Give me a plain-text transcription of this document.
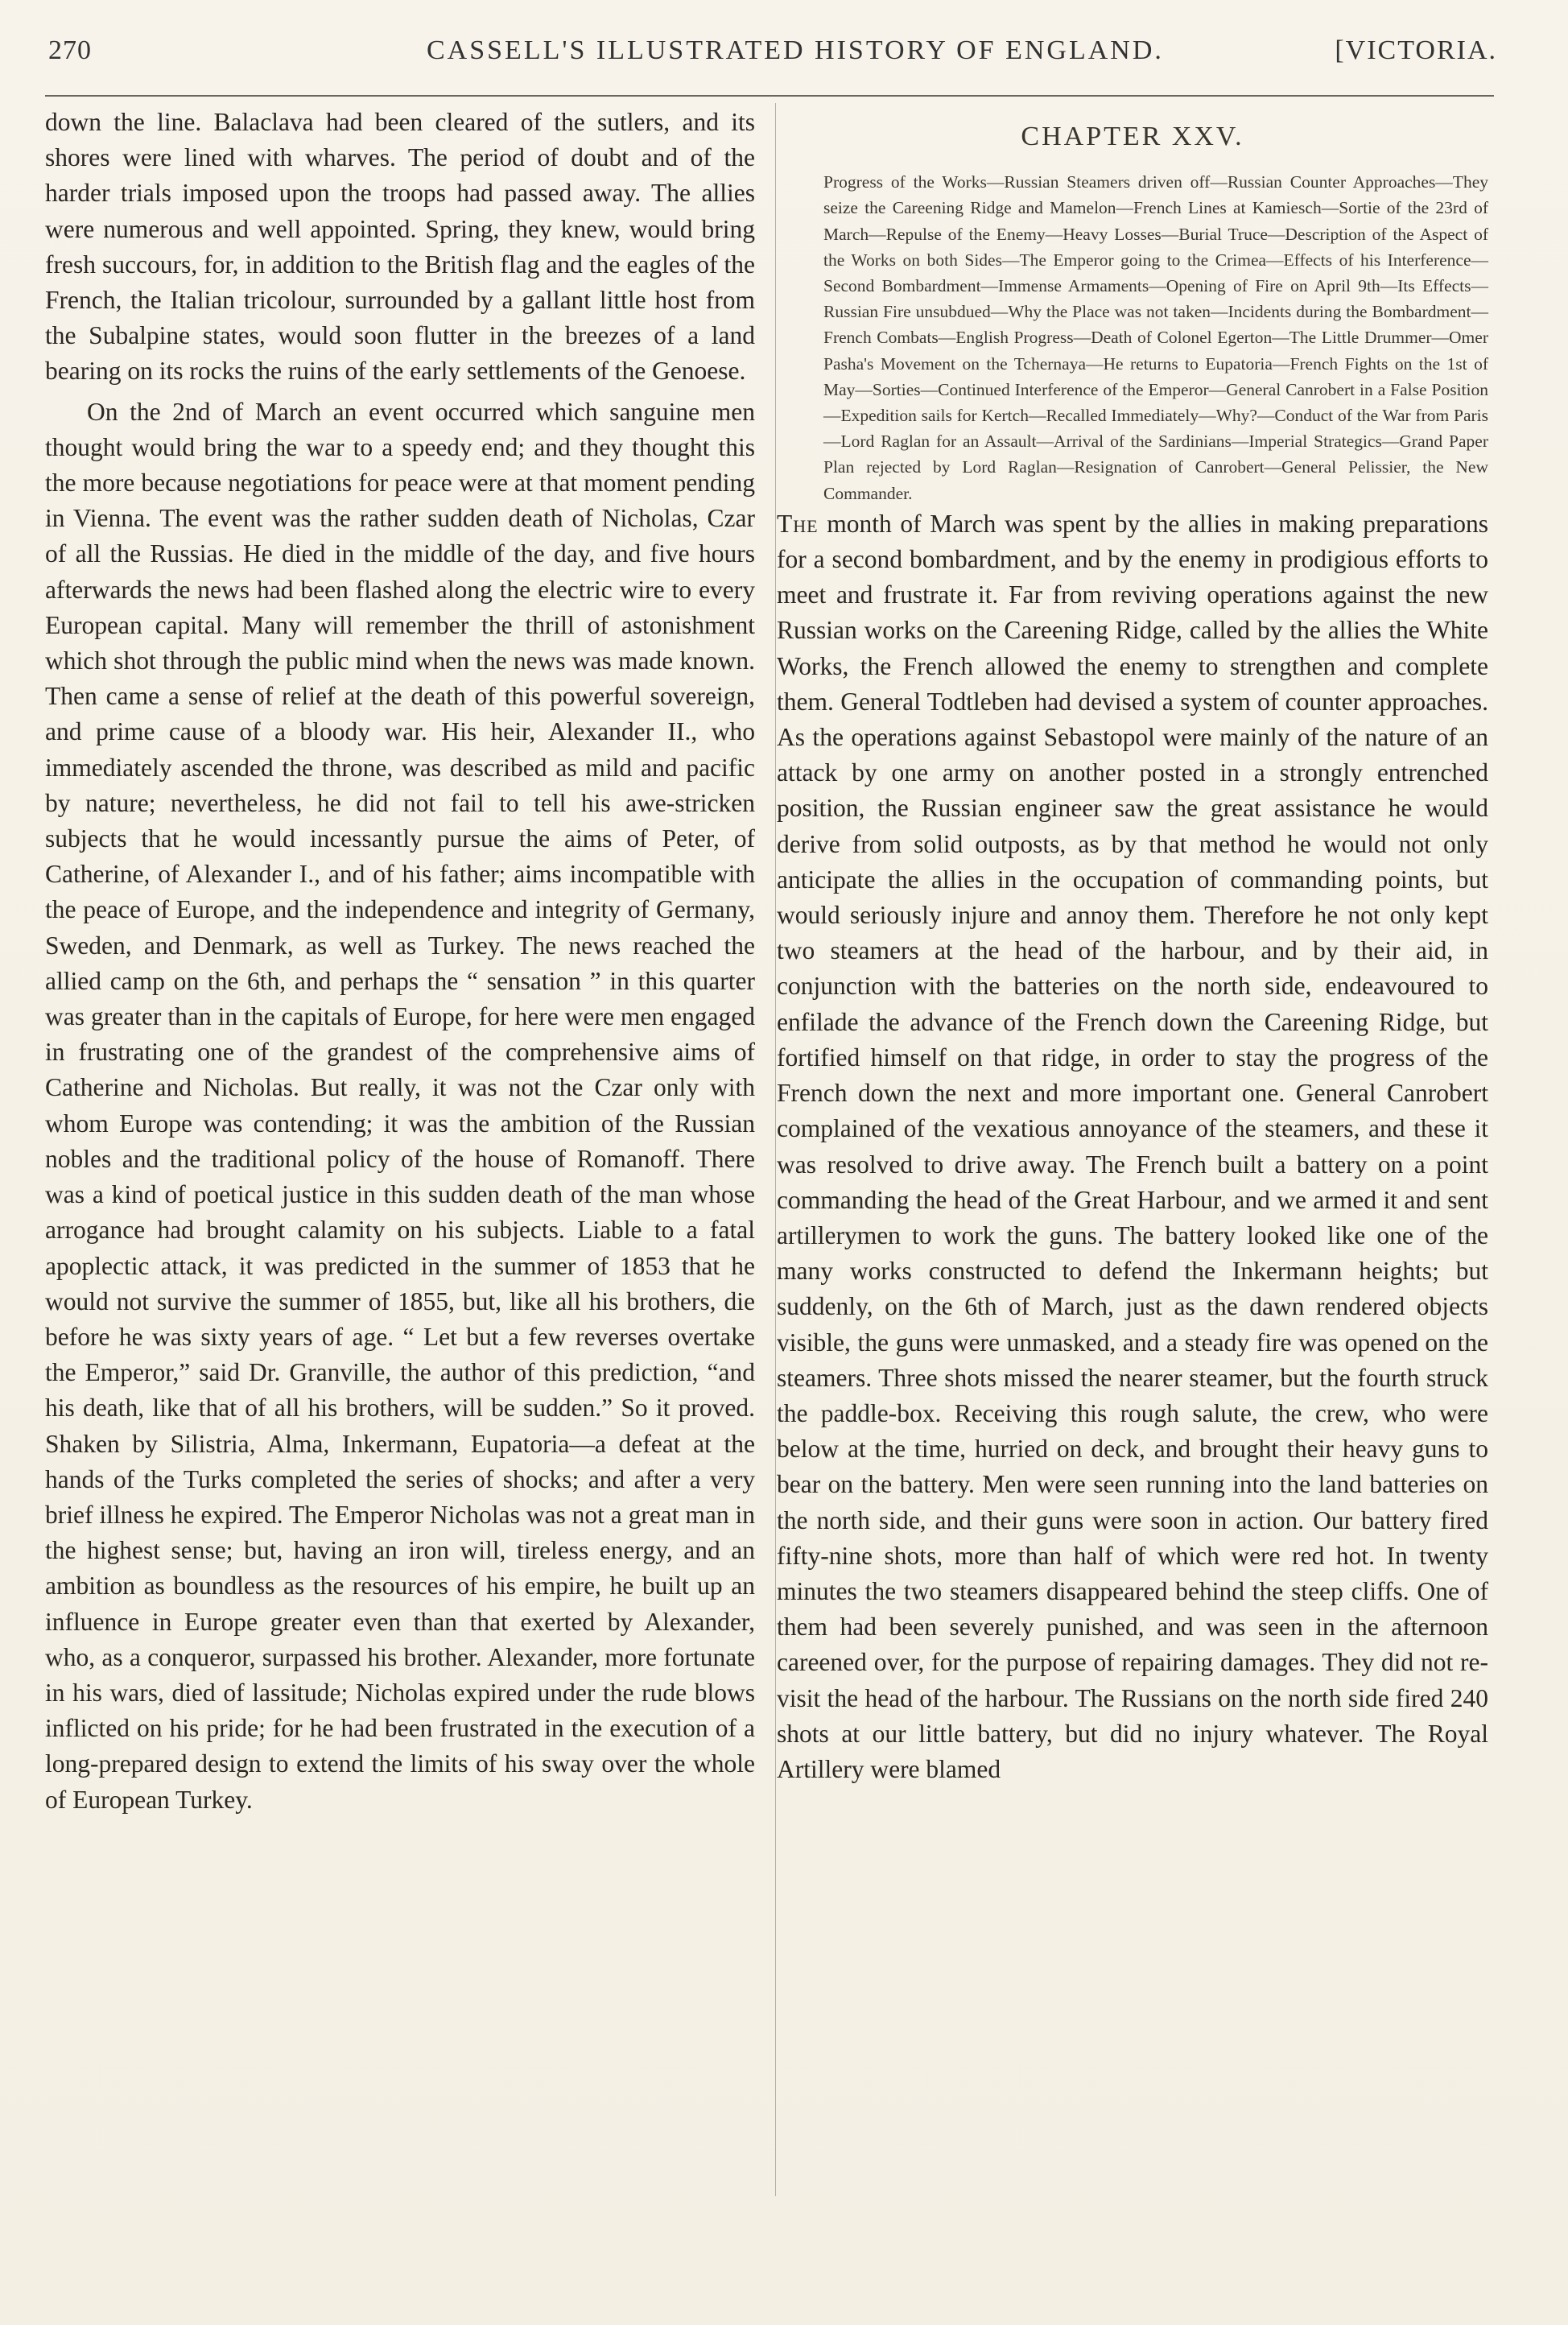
270	CASSELL'S ILLUSTRATED HISTORY OF ENGLAND.	[VICTORIA.

down the line. Balaclava had been cleared of the sutlers, and its shores were lined with wharves. The period of doubt and of the harder trials imposed upon the troops had passed away. The allies were numerous and well appointed. Spring, they knew, would bring fresh succours, for, in addition to the British flag and the eagles of the French, the Italian tricolour, surrounded by a gallant little host from the Subalpine states, would soon flutter in the breezes of a land bearing on its rocks the ruins of the early settlements of the Genoese.

On the 2nd of March an event occurred which sanguine men thought would bring the war to a speedy end; and they thought this the more because negotiations for peace were at that moment pending in Vienna. The event was the rather sudden death of Nicholas, Czar of all the Russias. He died in the middle of the day, and five hours afterwards the news had been flashed along the electric wire to every European capital. Many will remember the thrill of astonishment which shot through the public mind when the news was made known. Then came a sense of relief at the death of this powerful sovereign, and prime cause of a bloody war. His heir, Alexander II., who immediately ascended the throne, was described as mild and pacific by nature; nevertheless, he did not fail to tell his awe-stricken subjects that he would incessantly pursue the aims of Peter, of Catherine, of Alexander I., and of his father; aims incompatible with the peace of Europe, and the independence and integrity of Germany, Sweden, and Denmark, as well as Turkey. The news reached the allied camp on the 6th, and perhaps the “ sensation ” in this quarter was greater than in the capitals of Europe, for here were men engaged in frustrating one of the grandest of the comprehensive aims of Catherine and Nicholas. But really, it was not the Czar only with whom Europe was contending; it was the ambition of the Russian nobles and the traditional policy of the house of Romanoff. There was a kind of poetical justice in this sudden death of the man whose arrogance had brought calamity on his subjects. Liable to a fatal apoplectic attack, it was predicted in the summer of 1853 that he would not survive the summer of 1855, but, like all his brothers, die before he was sixty years of age. “ Let but a few reverses overtake the Emperor,” said Dr. Granville, the author of this prediction, “and his death, like that of all his brothers, will be sudden.” So it proved. Shaken by Silistria, Alma, Inkermann, Eupatoria—a defeat at the hands of the Turks completed the series of shocks; and after a very brief illness he expired. The Emperor Nicholas was not a great man in the highest sense; but, having an iron will, tireless energy, and an ambition as boundless as the resources of his empire, he built up an influence in Europe greater even than that exerted by Alexander, who, as a conqueror, surpassed his brother. Alexander, more fortunate in his wars, died of lassitude; Nicholas expired under the rude blows inflicted on his pride; for he had been frustrated in the execution of a long-prepared design to extend the limits of his sway over the whole of European Turkey.

CHAPTER XXV.

Progress of the Works—Russian Steamers driven off—Russian Counter Approaches—They seize the Careening Ridge and Mamelon—French Lines at Kamiesch—Sortie of the 23rd of March—Repulse of the Enemy—Heavy Losses—Burial Truce—Description of the Aspect of the Works on both Sides—The Emperor going to the Crimea—Effects of his Interference—Second Bombardment—Immense Armaments—Opening of Fire on April 9th—Its Effects—Russian Fire unsubdued—Why the Place was not taken—Incidents during the Bombardment—French Combats—English Progress—Death of Colonel Egerton—The Little Drummer—Omer Pasha's Movement on the Tchernaya—He returns to Eupatoria—French Fights on the 1st of May—Sorties—Continued Interference of the Emperor—General Canrobert in a False Position—Expedition sails for Kertch—Recalled Immediately—Why?—Conduct of the War from Paris—Lord Raglan for an Assault—Arrival of the Sardinians—Imperial Strategics—Grand Paper Plan rejected by Lord Raglan—Resignation of Canrobert—General Pelissier, the New Commander.

The month of March was spent by the allies in making preparations for a second bombardment, and by the enemy in prodigious efforts to meet and frustrate it. Far from reviving operations against the new Russian works on the Careening Ridge, called by the allies the White Works, the French allowed the enemy to strengthen and complete them. General Todtleben had devised a system of counter approaches. As the operations against Sebastopol were mainly of the nature of an attack by one army on another posted in a strongly entrenched position, the Russian engineer saw the great assistance he would derive from solid outposts, as by that method he would not only anticipate the allies in the occupation of commanding points, but would seriously injure and annoy them. Therefore he not only kept two steamers at the head of the harbour, and by their aid, in conjunction with the batteries on the north side, endeavoured to enfilade the advance of the French down the Careening Ridge, but fortified himself on that ridge, in order to stay the progress of the French down the next and more important one. General Canrobert complained of the vexatious annoyance of the steamers, and these it was resolved to drive away. The French built a battery on a point commanding the head of the Great Harbour, and we armed it and sent artillerymen to work the guns. The battery looked like one of the many works constructed to defend the Inkermann heights; but suddenly, on the 6th of March, just as the dawn rendered objects visible, the guns were unmasked, and a steady fire was opened on the steamers. Three shots missed the nearer steamer, but the fourth struck the paddle-box. Receiving this rough salute, the crew, who were below at the time, hurried on deck, and brought their heavy guns to bear on the battery. Men were seen running into the land batteries on the north side, and their guns were soon in action. Our battery fired fifty-nine shots, more than half of which were red hot. In twenty minutes the two steamers disappeared behind the steep cliffs. One of them had been severely punished, and was seen in the afternoon careened over, for the purpose of repairing damages. They did not re-visit the head of the harbour. The Russians on the north side fired 240 shots at our little battery, but did no injury whatever. The Royal Artillery were blamed
